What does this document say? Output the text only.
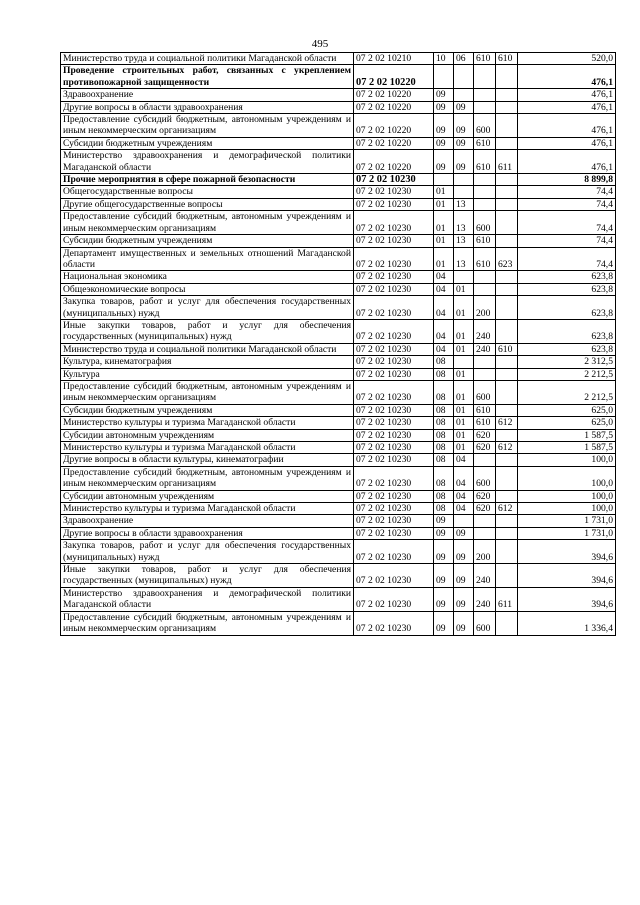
495
Министерство труда и социальной политики Магаданской области	07 2 02 10210	10	06	610	610	520,0
Проведение строительных работ, связанных с укреплением противопожарной защищенности	07 2 02 10220					476,1
Здравоохранение	07 2 02 10220	09				476,1
Другие вопросы в области здравоохранения	07 2 02 10220	09	09			476,1
Предоставление субсидий бюджетным, автономным учреждениям и иным некоммерческим организациям	07 2 02 10220	09	09	600		476,1
Субсидии бюджетным учреждениям	07 2 02 10220	09	09	610		476,1
Министерство здравоохранения и демографической политики Магаданской области	07 2 02 10220	09	09	610	611	476,1
Прочие мероприятия в сфере пожарной безопасности	07 2 02 10230					8 899,8
Общегосударственные вопросы	07 2 02 10230	01				74,4
Другие общегосударственные вопросы	07 2 02 10230	01	13			74,4
Предоставление субсидий бюджетным, автономным учреждениям и иным некоммерческим организациям	07 2 02 10230	01	13	600		74,4
Субсидии бюджетным учреждениям	07 2 02 10230	01	13	610		74,4
Департамент имущественных и земельных отношений Магаданской области	07 2 02 10230	01	13	610	623	74,4
Национальная экономика	07 2 02 10230	04				623,8
Общеэкономические вопросы	07 2 02 10230	04	01			623,8
Закупка товаров, работ и услуг для обеспечения государственных (муниципальных) нужд	07 2 02 10230	04	01	200		623,8
Иные закупки товаров, работ и услуг для обеспечения государственных (муниципальных) нужд	07 2 02 10230	04	01	240		623,8
Министерство труда и социальной политики Магаданской области	07 2 02 10230	04	01	240	610	623,8
Культура, кинематография	07 2 02 10230	08				2 312,5
Культура	07 2 02 10230	08	01			2 212,5
Предоставление субсидий бюджетным, автономным учреждениям и иным некоммерческим организациям	07 2 02 10230	08	01	600		2 212,5
Субсидии бюджетным учреждениям	07 2 02 10230	08	01	610		625,0
Министерство культуры и туризма Магаданской области	07 2 02 10230	08	01	610	612	625,0
Субсидии автономным учреждениям	07 2 02 10230	08	01	620		1 587,5
Министерство культуры и туризма Магаданской области	07 2 02 10230	08	01	620	612	1 587,5
Другие вопросы в области культуры, кинематографии	07 2 02 10230	08	04			100,0
Предоставление субсидий бюджетным, автономным учреждениям и иным некоммерческим организациям	07 2 02 10230	08	04	600		100,0
Субсидии автономным учреждениям	07 2 02 10230	08	04	620		100,0
Министерство культуры и туризма Магаданской области	07 2 02 10230	08	04	620	612	100,0
Здравоохранение	07 2 02 10230	09				1 731,0
Другие вопросы в области здравоохранения	07 2 02 10230	09	09			1 731,0
Закупка товаров, работ и услуг для обеспечения государственных (муниципальных) нужд	07 2 02 10230	09	09	200		394,6
Иные закупки товаров, работ и услуг для обеспечения государственных (муниципальных) нужд	07 2 02 10230	09	09	240		394,6
Министерство здравоохранения и демографической политики Магаданской области	07 2 02 10230	09	09	240	611	394,6
Предоставление субсидий бюджетным, автономным учреждениям и иным некоммерческим организациям	07 2 02 10230	09	09	600		1 336,4
